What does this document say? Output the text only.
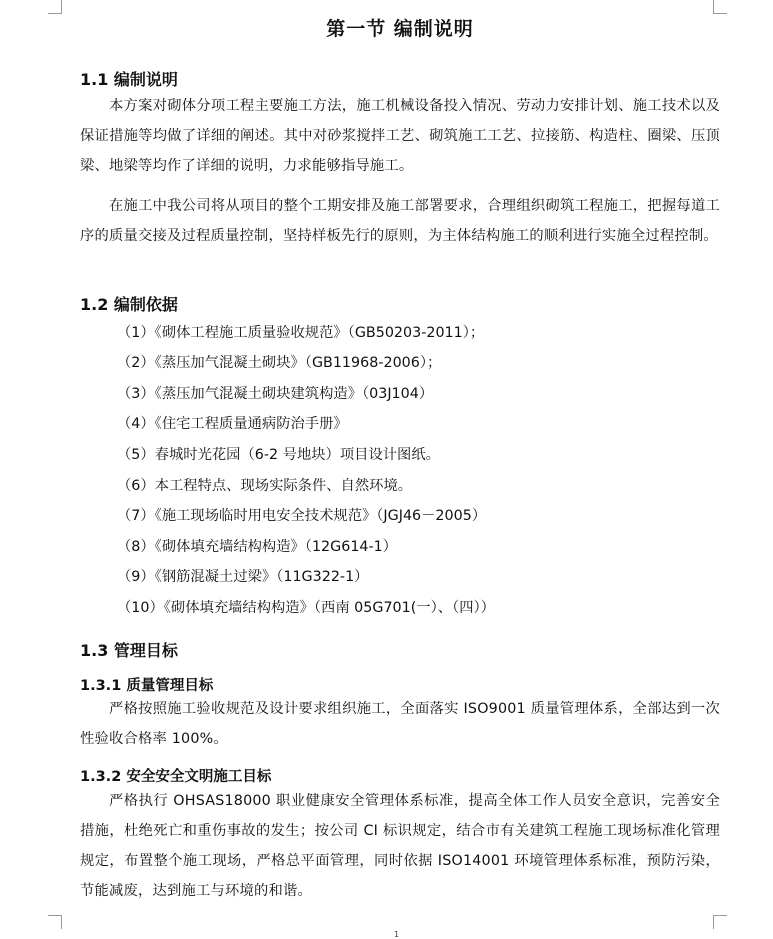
第一节 编制说明
1.1 编制说明

本方案对砌体分项工程主要施工方法，施工机械设备投入情况、劳动力安排计划、施工技术以及保证措施等均做了详细的阐述。其中对砂浆搅拌工艺、砌筑施工工艺、拉接筋、构造柱、圈梁、压顶梁、地梁等均作了详细的说明，力求能够指导施工。

在施工中我公司将从项目的整个工期安排及施工部署要求，合理组织砌筑工程施工，把握每道工序的质量交接及过程质量控制，坚持样板先行的原则，为主体结构施工的顺利进行实施全过程控制。

1.2 编制依据
（1）《砌体工程施工质量验收规范》（GB50203-2011）；
（2）《蒸压加气混凝土砌块》（GB11968-2006）；
（3）《蒸压加气混凝土砌块建筑构造》（03J104）
（4）《住宅工程质量通病防治手册》
（5）春城时光花园（6-2 号地块）项目设计图纸。
（6）本工程特点、现场实际条件、自然环境。
（7）《施工现场临时用电安全技术规范》（JGJ46－2005）
（8）《砌体填充墙结构构造》（12G614-1）
（9）《钢筋混凝土过梁》（11G322-1）
（10）《砌体填充墙结构构造》（西南 05G701(一）、（四））
1.3 管理目标
1.3.1 质量管理目标

严格按照施工验收规范及设计要求组织施工，全面落实 ISO9001 质量管理体系，全部达到一次性验收合格率 100%。

1.3.2 安全安全文明施工目标

严格执行 OHSAS18000 职业健康安全管理体系标准，提高全体工作人员安全意识，完善安全措施，杜绝死亡和重伤事故的发生；按公司 CI 标识规定，结合市有关建筑工程施工现场标准化管理规定，布置整个施工现场，严格总平面管理，同时依据 ISO14001 环境管理体系标准，预防污染，节能减废，达到施工与环境的和谐。

1
